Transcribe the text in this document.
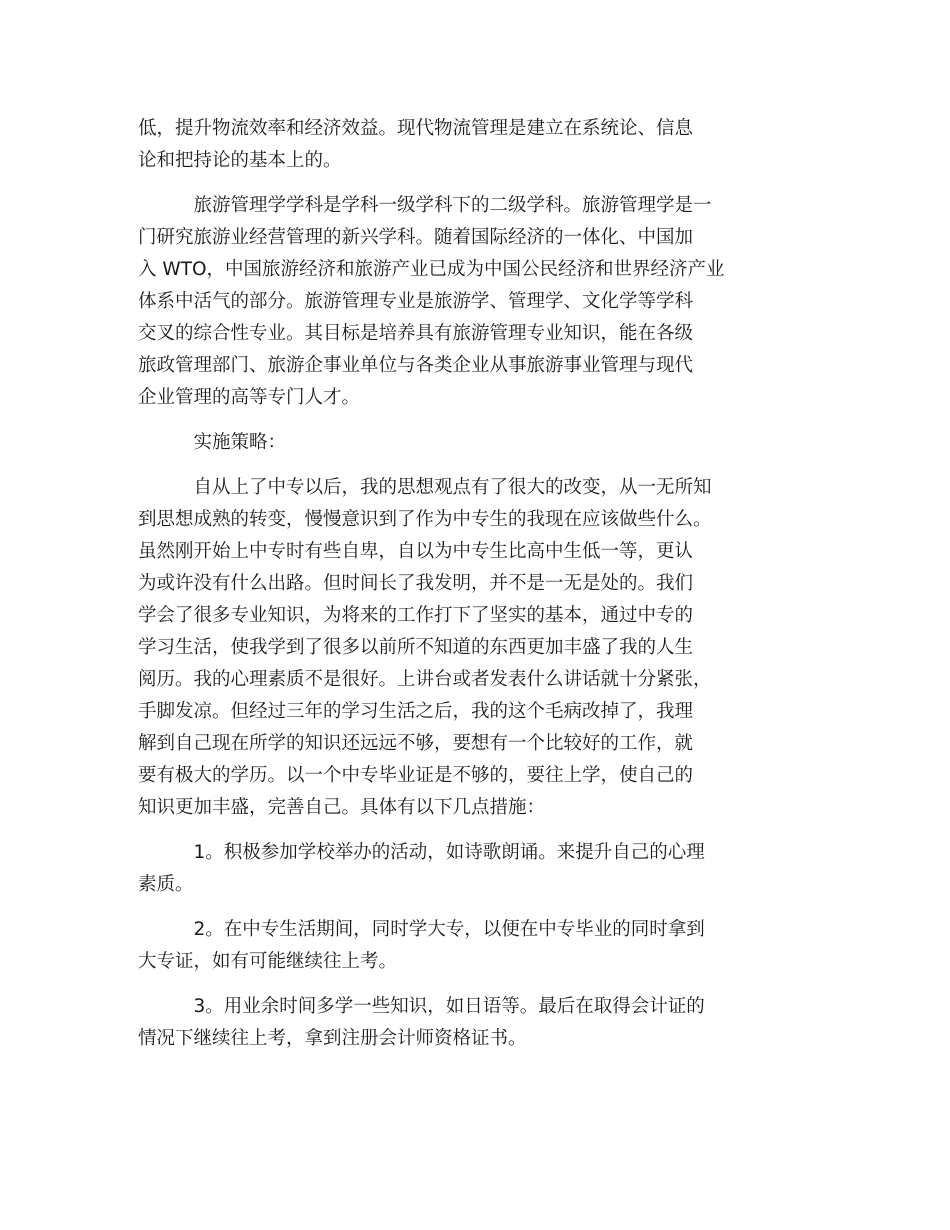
低，提升物流效率和经济效益。现代物流管理是建立在系统论、信息
论和把持论的基本上的。
　　　旅游管理学学科是学科一级学科下的二级学科。旅游管理学是一
门研究旅游业经营管理的新兴学科。随着国际经济的一体化、中国加
入 WTO，中国旅游经济和旅游产业已成为中国公民经济和世界经济产业
体系中活气的部分。旅游管理专业是旅游学、管理学、文化学等学科
交叉的综合性专业。其目标是培养具有旅游管理专业知识，能在各级
旅政管理部门、旅游企事业单位与各类企业从事旅游事业管理与现代
企业管理的高等专门人才。
　　　实施策略：
　　　自从上了中专以后，我的思想观点有了很大的改变，从一无所知
到思想成熟的转变，慢慢意识到了作为中专生的我现在应该做些什么。
虽然刚开始上中专时有些自卑，自以为中专生比高中生低一等，更认
为或许没有什么出路。但时间长了我发明，并不是一无是处的。我们
学会了很多专业知识，为将来的工作打下了坚实的基本，通过中专的
学习生活，使我学到了很多以前所不知道的东西更加丰盛了我的人生
阅历。我的心理素质不是很好。上讲台或者发表什么讲话就十分紧张，
手脚发凉。但经过三年的学习生活之后，我的这个毛病改掉了，我理
解到自己现在所学的知识还远远不够，要想有一个比较好的工作，就
要有极大的学历。以一个中专毕业证是不够的，要往上学，使自己的
知识更加丰盛，完善自己。具体有以下几点措施：
　　　1。积极参加学校举办的活动，如诗歌朗诵。来提升自己的心理
素质。
　　　2。在中专生活期间，同时学大专，以便在中专毕业的同时拿到
大专证，如有可能继续往上考。
　　　3。用业余时间多学一些知识，如日语等。最后在取得会计证的
情况下继续往上考，拿到注册会计师资格证书。
